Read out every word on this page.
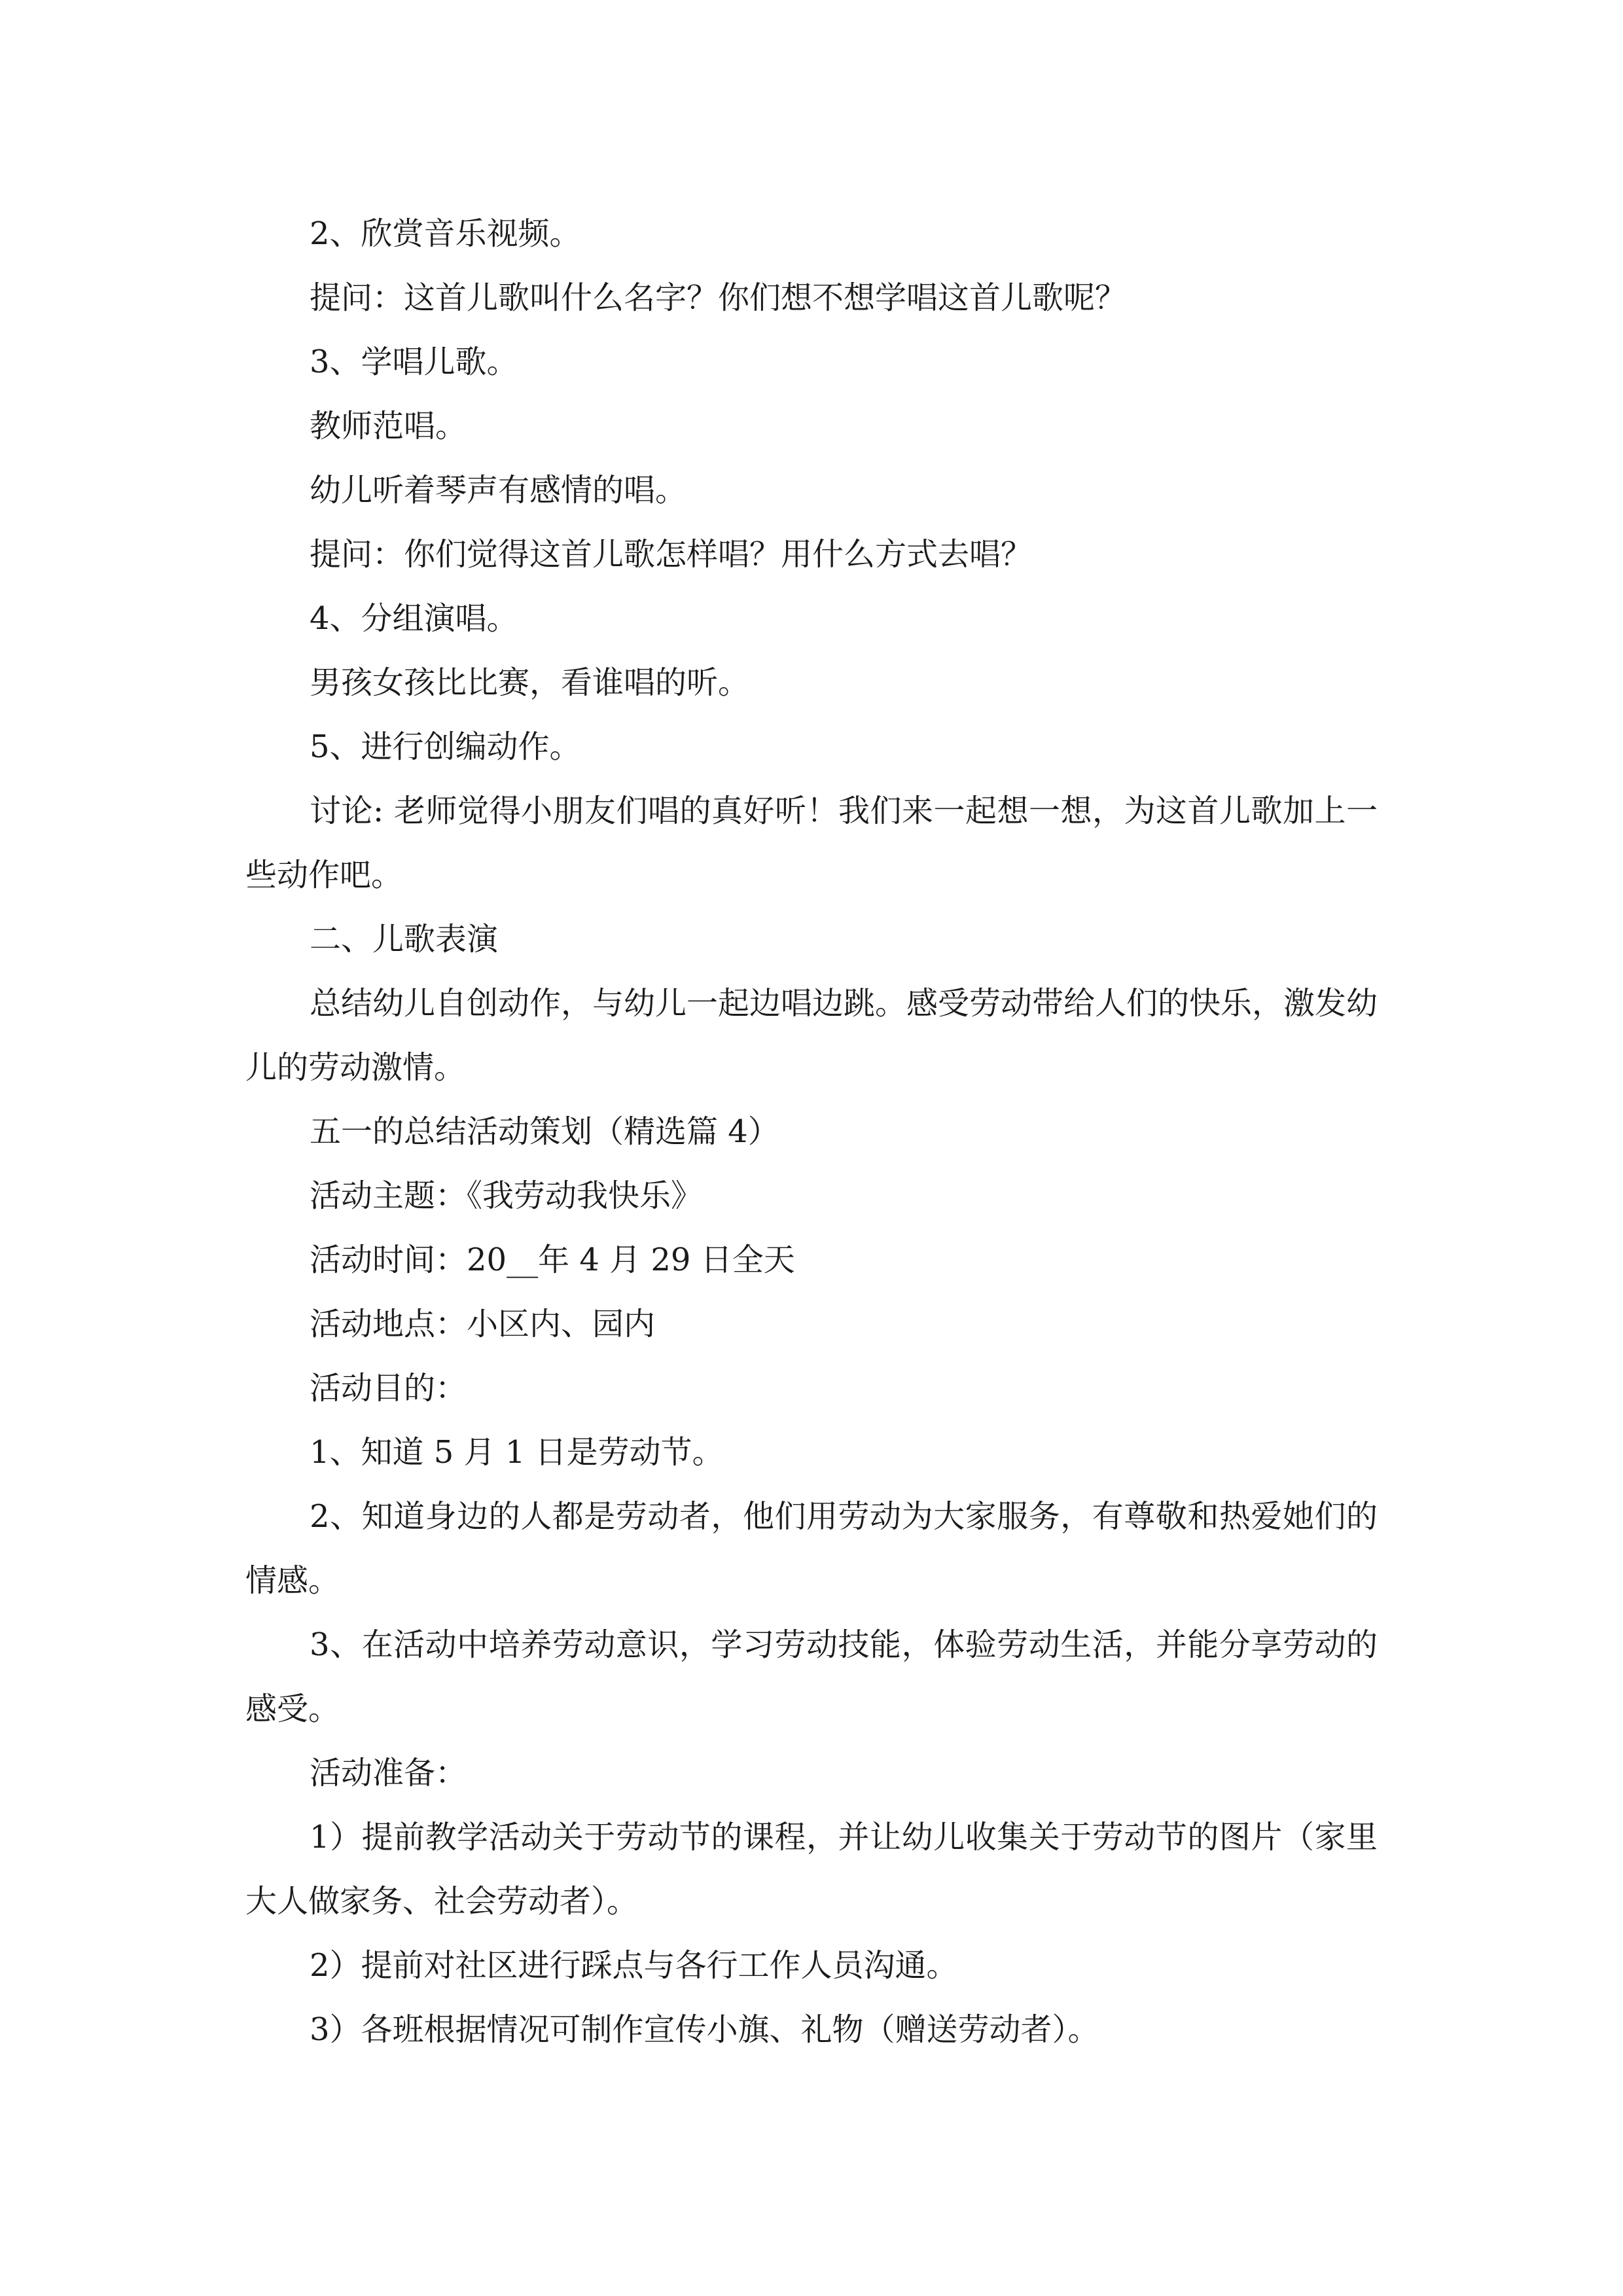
2、欣赏音乐视频。

提问：这首儿歌叫什么名字？你们想不想学唱这首儿歌呢？

3、学唱儿歌。

教师范唱。

幼儿听着琴声有感情的唱。

提问：你们觉得这首儿歌怎样唱？用什么方式去唱？

4、分组演唱。

男孩女孩比比赛，看谁唱的听。

5、进行创编动作。

讨论: 老师觉得小朋友们唱的真好听！我们来一起想一想，为这首儿歌加上一些动作吧。

二、儿歌表演

总结幼儿自创动作，与幼儿一起边唱边跳。感受劳动带给人们的快乐，激发幼儿的劳动激情。

五一的总结活动策划（精选篇 4）

活动主题：《我劳动我快乐》

活动时间：20__年 4 月 29 日全天

活动地点：小区内、园内

活动目的：

1、知道 5 月 1 日是劳动节。

2、知道身边的人都是劳动者，他们用劳动为大家服务，有尊敬和热爱她们的情感。

3、在活动中培养劳动意识，学习劳动技能，体验劳动生活，并能分享劳动的感受。

活动准备：

1）提前教学活动关于劳动节的课程，并让幼儿收集关于劳动节的图片（家里大人做家务、社会劳动者）。

2）提前对社区进行踩点与各行工作人员沟通。

3）各班根据情况可制作宣传小旗、礼物（赠送劳动者）。
